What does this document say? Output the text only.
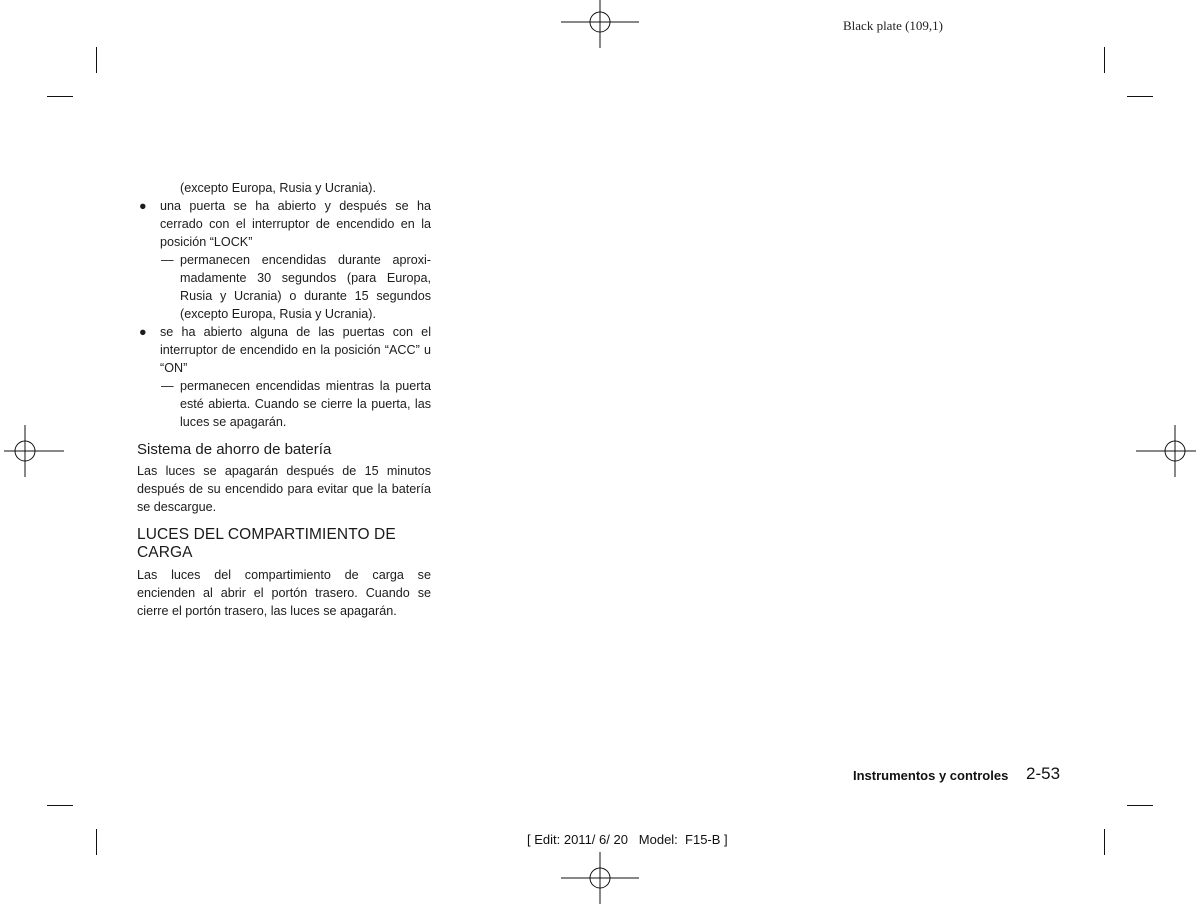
Black plate (109,1)

(excepto Europa, Rusia y Ucrania).

● una puerta se ha abierto y después se ha cerrado con el interruptor de encendido en la posición “LOCK”
— permanecen encendidas durante aproxi-madamente 30 segundos (para Europa, Rusia y Ucrania) o durante 15 segundos (excepto Europa, Rusia y Ucrania).
● se ha abierto alguna de las puertas con el interruptor de encendido en la posición “ACC” u “ON”
— permanecen encendidas mientras la puerta esté abierta. Cuando se cierre la puerta, las luces se apagarán.
Sistema de ahorro de batería

Las luces se apagarán después de 15 minutos después de su encendido para evitar que la batería se descargue.

LUCES DEL COMPARTIMIENTO DE CARGA

Las luces del compartimiento de carga se encienden al abrir el portón trasero. Cuando se cierre el portón trasero, las luces se apagarán.

Instrumentos y controles 2-53
[ Edit: 2011/ 6/ 20   Model:  F15-B ]
